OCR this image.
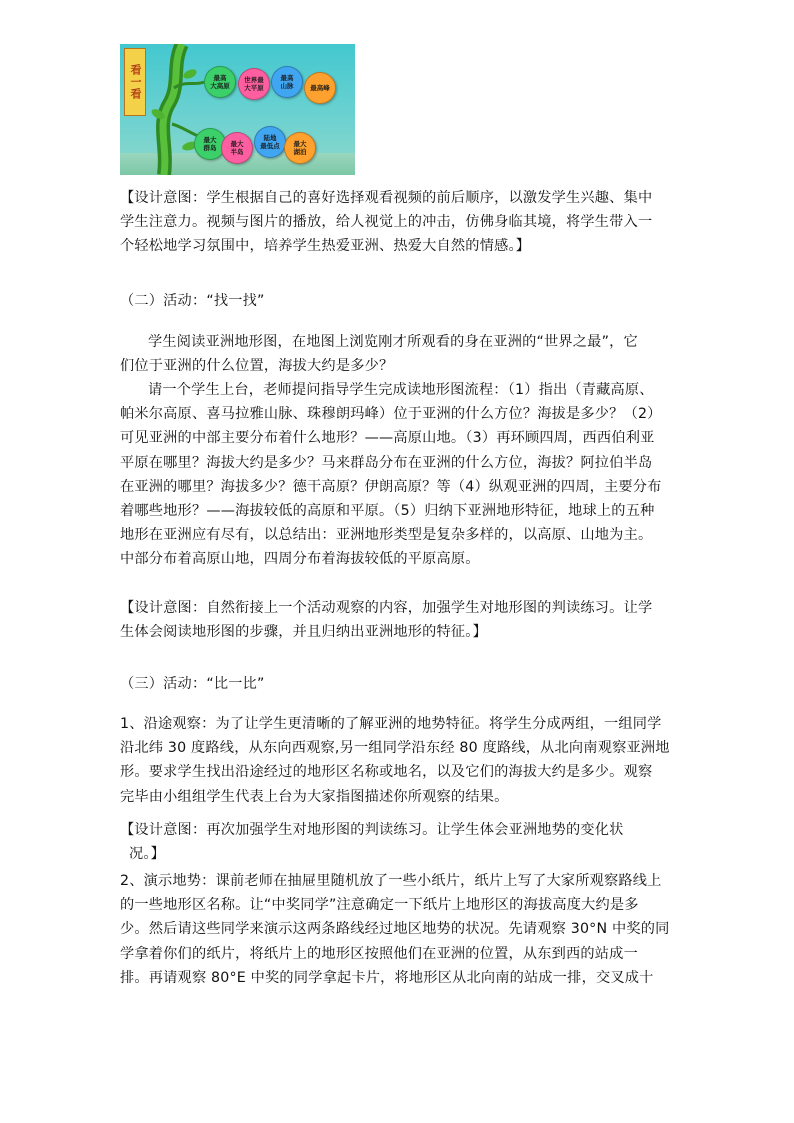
看一看	最高
大高原
世界最
大平原
最高
山脉	最高峰
最大
群岛 最大
半岛
陆地
最低点 最大
湖泊
【设计意图：学生根据自己的喜好选择观看视频的前后顺序，以激发学生兴趣、集中
学生注意力。视频与图片的播放，给人视觉上的冲击，仿佛身临其境，将学生带入一
个轻松地学习氛围中，培养学生热爱亚洲、热爱大自然的情感。】
（二）活动：“找一找”
学生阅读亚洲地形图，在地图上浏览刚才所观看的身在亚洲的“世界之最”，它
们位于亚洲的什么位置，海拔大约是多少？
请一个学生上台，老师提问指导学生完成读地形图流程：（1）指出（青藏高原、
帕米尔高原、喜马拉雅山脉、珠穆朗玛峰）位于亚洲的什么方位？海拔是多少？（2）
可见亚洲的中部主要分布着什么地形？——高原山地。（3）再环顾四周，西西伯利亚
平原在哪里？海拔大约是多少？马来群岛分布在亚洲的什么方位，海拔？阿拉伯半岛
在亚洲的哪里？海拔多少？德干高原？伊朗高原？等（4）纵观亚洲的四周，主要分布
着哪些地形？——海拔较低的高原和平原。（5）归纳下亚洲地形特征，地球上的五种
地形在亚洲应有尽有，以总结出：亚洲地形类型是复杂多样的，以高原、山地为主。
中部分布着高原山地，四周分布着海拔较低的平原高原。
【设计意图：自然衔接上一个活动观察的内容，加强学生对地形图的判读练习。让学
生体会阅读地形图的步骤，并且归纳出亚洲地形的特征。】
（三）活动：“比一比”
1、沿途观察：为了让学生更清晰的了解亚洲的地势特征。将学生分成两组，一组同学
沿北纬 30 度路线，从东向西观察,另一组同学沿东经 80 度路线，从北向南观察亚洲地
形。要求学生找出沿途经过的地形区名称或地名，以及它们的海拔大约是多少。观察
完毕由小组组学生代表上台为大家指图描述你所观察的结果。
【设计意图：再次加强学生对地形图的判读练习。让学生体会亚洲地势的变化状
况。】
2、演示地势：课前老师在抽屉里随机放了一些小纸片，纸片上写了大家所观察路线上
的一些地形区名称。让“中奖同学”注意确定一下纸片上地形区的海拔高度大约是多
少。然后请这些同学来演示这两条路线经过地区地势的状况。先请观察 30°N 中奖的同
学拿着你们的纸片，将纸片上的地形区按照他们在亚洲的位置，从东到西的站成一
排。再请观察 80°E 中奖的同学拿起卡片，将地形区从北向南的站成一排，交叉成十
